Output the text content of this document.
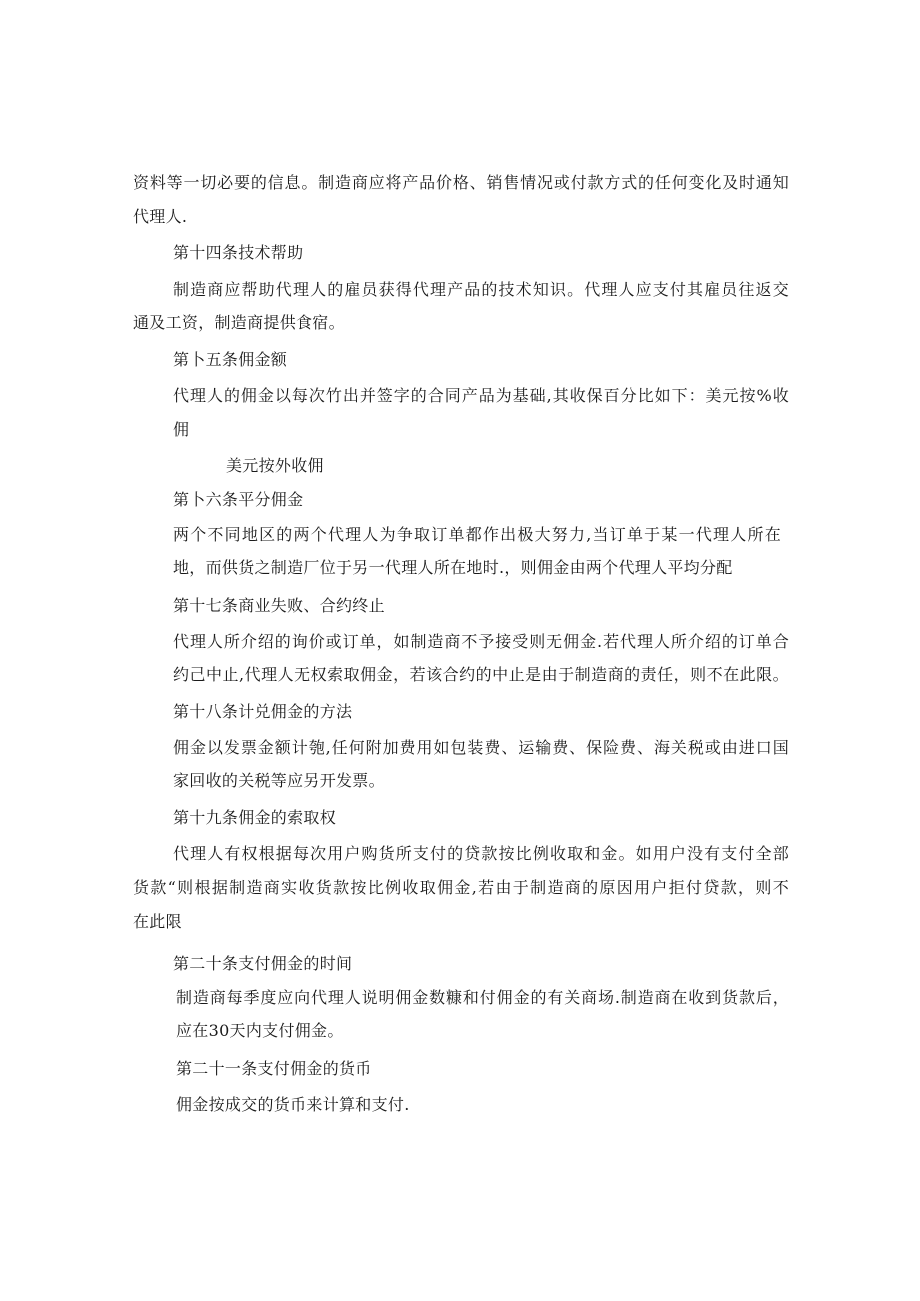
资料等一切必要的信息。制造商应将产品价格、销售情况或付款方式的任何变化及时通知
代理人.
第十四条技术帮助
制造商应帮助代理人的雇员获得代理产品的技术知识。代理人应支付其雇员往返交
通及工资，制造商提供食宿。
第卜五条佣金额
代理人的佣金以每次竹出并签字的合同产品为基础,其收保百分比如下：美元按%收
佣
美元按外收佣
第卜六条平分佣金
两个不同地区的两个代理人为争取订单都作出极大努力,当订单于某一代理人所在
地，而供货之制造厂位于另一代理人所在地时.，则佣金由两个代理人平均分配
第十七条商业失败、合约终止
代理人所介绍的询价或订单，如制造商不予接受则无佣金.若代理人所介绍的订单合
约己中止,代理人无权索取佣金，若该合约的中止是由于制造商的责任，则不在此限。
第十八条计兑佣金的方法
佣金以发票金额计匏,任何附加费用如包装费、运输费、保险费、海关税或由进口国
家回收的关税等应另开发票。
第十九条佣金的索取权
代理人有权根据每次用户购货所支付的贷款按比例收取和金。如用户没有支付全部
货款“则根据制造商实收货款按比例收取佣金,若由于制造商的原因用户拒付贷款，则不
在此限
第二十条支付佣金的时间
制造商每季度应向代理人说明佣金数糠和付佣金的有关商场.制造商在收到货款后，
应在30天内支付佣金。
第二十一条支付佣金的货币
佣金按成交的货币来计算和支付.
